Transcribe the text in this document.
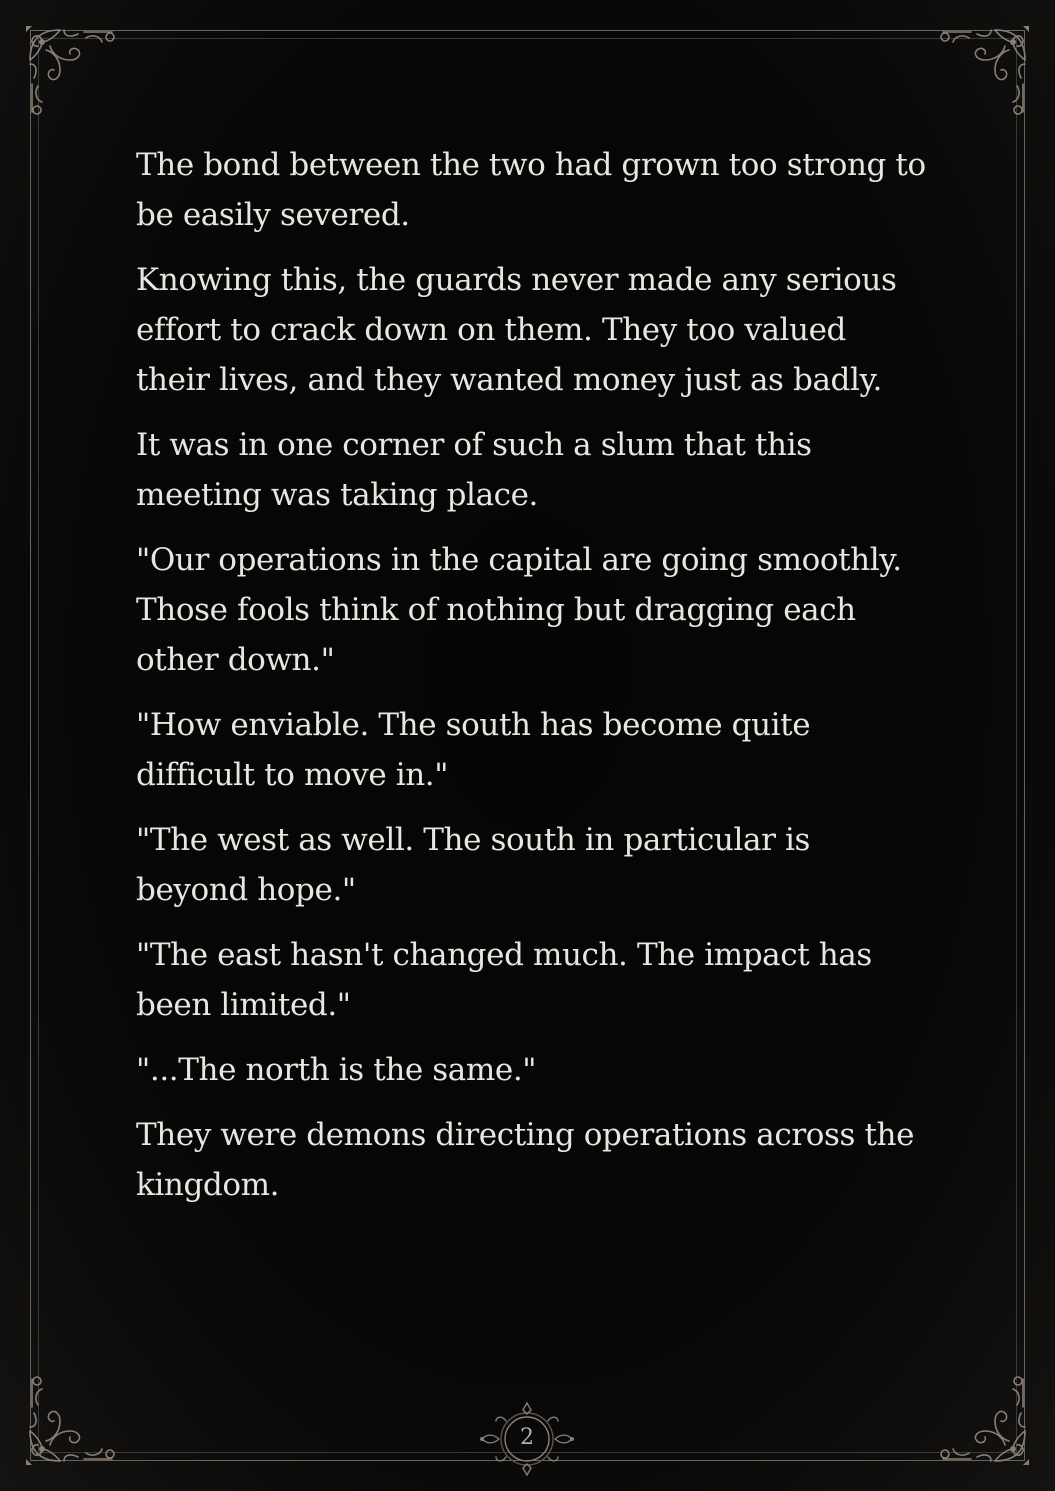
The bond between the two had grown too strong to be easily severed.

Knowing this, the guards never made any serious effort to crack down on them. They too valued their lives, and they wanted money just as badly.

It was in one corner of such a slum that this meeting was taking place.

"Our operations in the capital are going smoothly. Those fools think of nothing but dragging each other down."

"How enviable. The south has become quite difficult to move in."

"The west as well. The south in particular is beyond hope."

"The east hasn't changed much. The impact has been limited."

"...The north is the same."

They were demons directing operations across the kingdom.

2
